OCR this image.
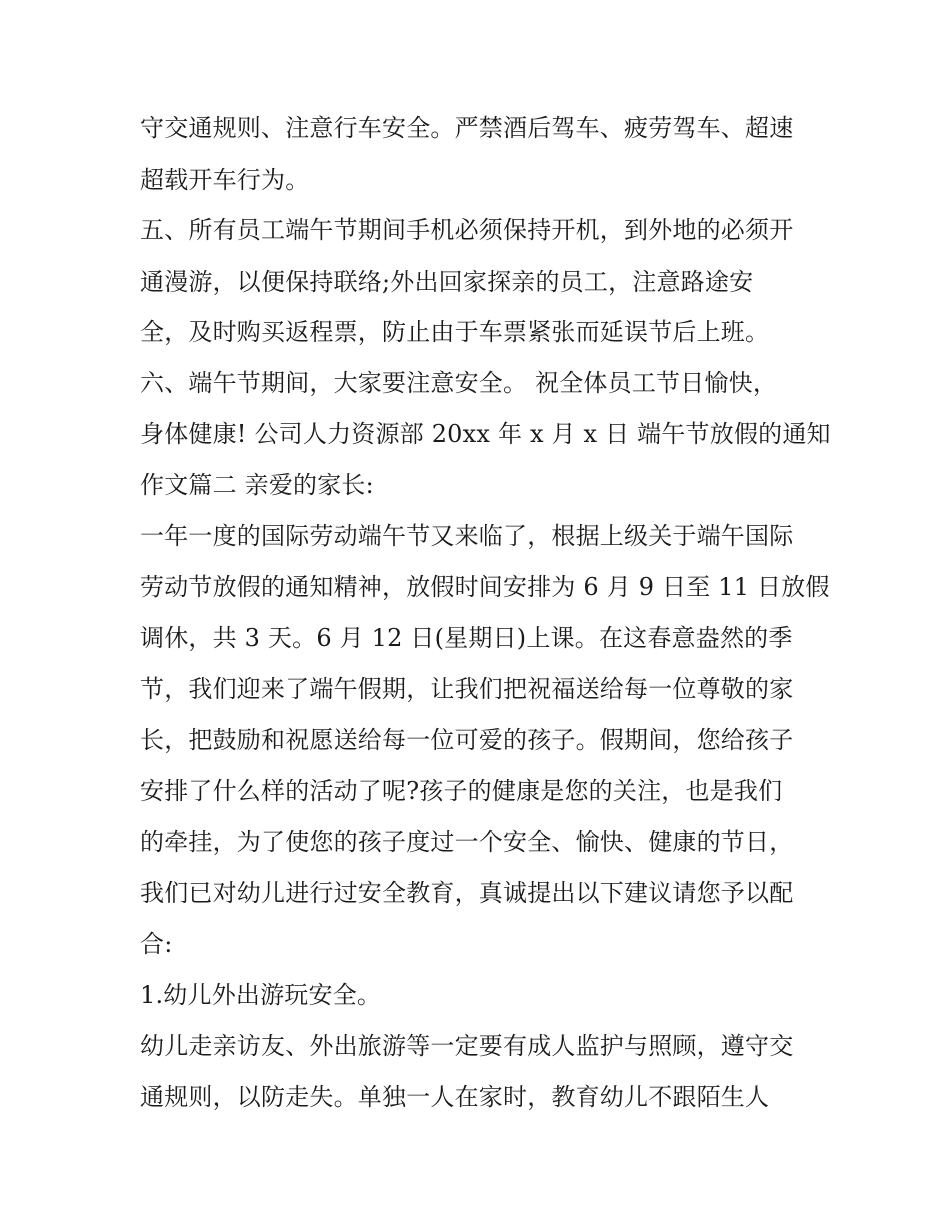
守交通规则、注意行车安全。严禁酒后驾车、疲劳驾车、超速
超载开车行为。
五、所有员工端午节期间手机必须保持开机，到外地的必须开
通漫游，以便保持联络;外出回家探亲的员工，注意路途安
全，及时购买返程票，防止由于车票紧张而延误节后上班。
六、端午节期间，大家要注意安全。 祝全体员工节日愉快，
身体健康! 公司人力资源部 20xx 年 x 月 x 日 端午节放假的通知
作文篇二 亲爱的家长:
一年一度的国际劳动端午节又来临了，根据上级关于端午国际
劳动节放假的通知精神，放假时间安排为 6 月 9 日至 11 日放假
调休，共 3 天。6 月 12 日(星期日)上课。在这春意盎然的季
节，我们迎来了端午假期，让我们把祝福送给每一位尊敬的家
长，把鼓励和祝愿送给每一位可爱的孩子。假期间，您给孩子
安排了什么样的活动了呢?孩子的健康是您的关注，也是我们
的牵挂，为了使您的孩子度过一个安全、愉快、健康的节日，
我们已对幼儿进行过安全教育，真诚提出以下建议请您予以配
合:
1.幼儿外出游玩安全。
幼儿走亲访友、外出旅游等一定要有成人监护与照顾，遵守交
通规则，以防走失。单独一人在家时，教育幼儿不跟陌生人
